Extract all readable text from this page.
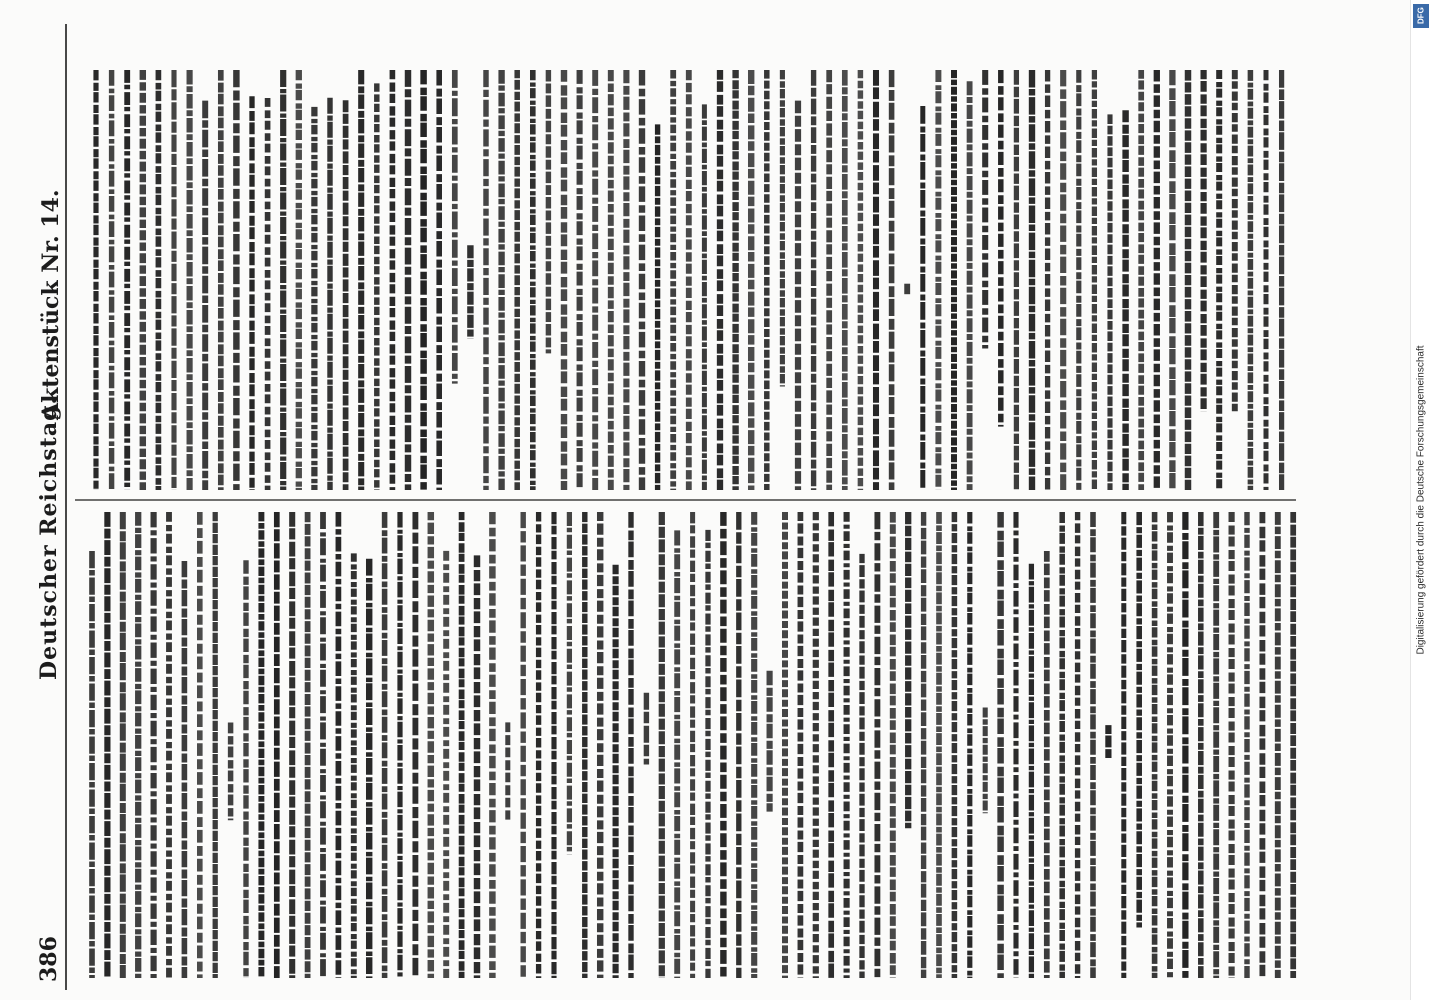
386
Deutscher Reichstag.
Aktenstück Nr. 14.
Digitalisierung gefördert durch die Deutsche Forschungsgemeinschaft
DFG
